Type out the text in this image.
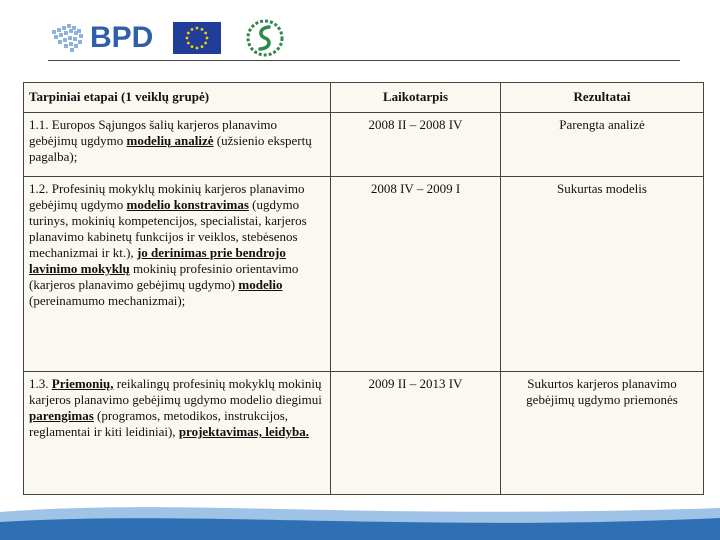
BPD
Tarpiniai etapai (1 veiklų grupė)	Laikotarpis	Rezultatai
1.1. Europos Sąjungos šalių karjeros planavimo gebėjimų ugdymo modelių analizė (užsienio ekspertų pagalba);	2008 II – 2008 IV	Parengta analizė
1.2. Profesinių mokyklų mokinių karjeros planavimo gebėjimų ugdymo modelio konstravimas (ugdymo turinys, mokinių kompetencijos, specialistai, karjeros planavimo kabinetų funkcijos ir veiklos, stebėsenos mechanizmai ir kt.), jo derinimas prie bendrojo lavinimo mokyklų mokinių profesinio orientavimo (karjeros planavimo gebėjimų ugdymo) modelio (pereinamumo mechanizmai);	2008 IV – 2009 I	Sukurtas modelis
1.3. Priemonių, reikalingų profesinių mokyklų mokinių karjeros planavimo gebėjimų ugdymo modelio diegimui parengimas (programos, metodikos, instrukcijos, reglamentai ir kiti leidiniai), projektavimas, leidyba.	2009 II – 2013 IV	Sukurtos karjeros planavimo gebėjimų ugdymo priemonės
